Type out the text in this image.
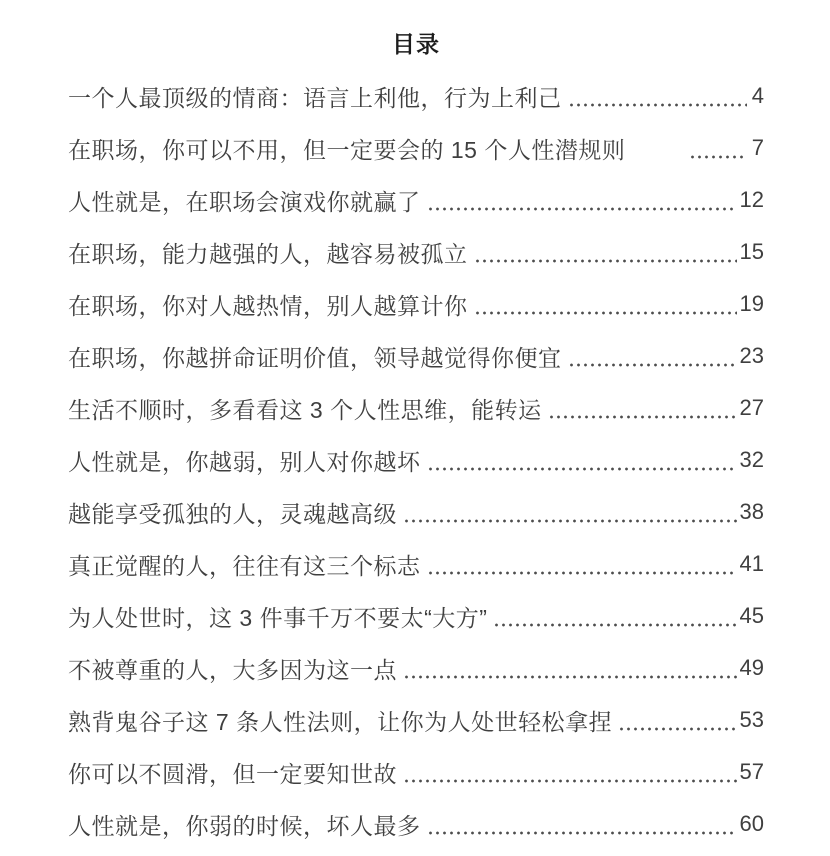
目录
一个人最顶级的情商：语言上利他，行为上利己	4
在职场，你可以不用，但一定要会的 15 个人性潜规则	7
人性就是，在职场会演戏你就赢了	12
在职场，能力越强的人，越容易被孤立	15
在职场，你对人越热情，别人越算计你	19
在职场，你越拼命证明价值，领导越觉得你便宜	23
生活不顺时，多看看这 3 个人性思维，能转运	27
人性就是，你越弱，别人对你越坏	32
越能享受孤独的人，灵魂越高级	38
真正觉醒的人，往往有这三个标志	41
为人处世时，这 3 件事千万不要太“大方”	45
不被尊重的人，大多因为这一点	49
熟背鬼谷子这 7 条人性法则，让你为人处世轻松拿捏	53
你可以不圆滑，但一定要知世故	57
人性就是，你弱的时候，坏人最多	60
